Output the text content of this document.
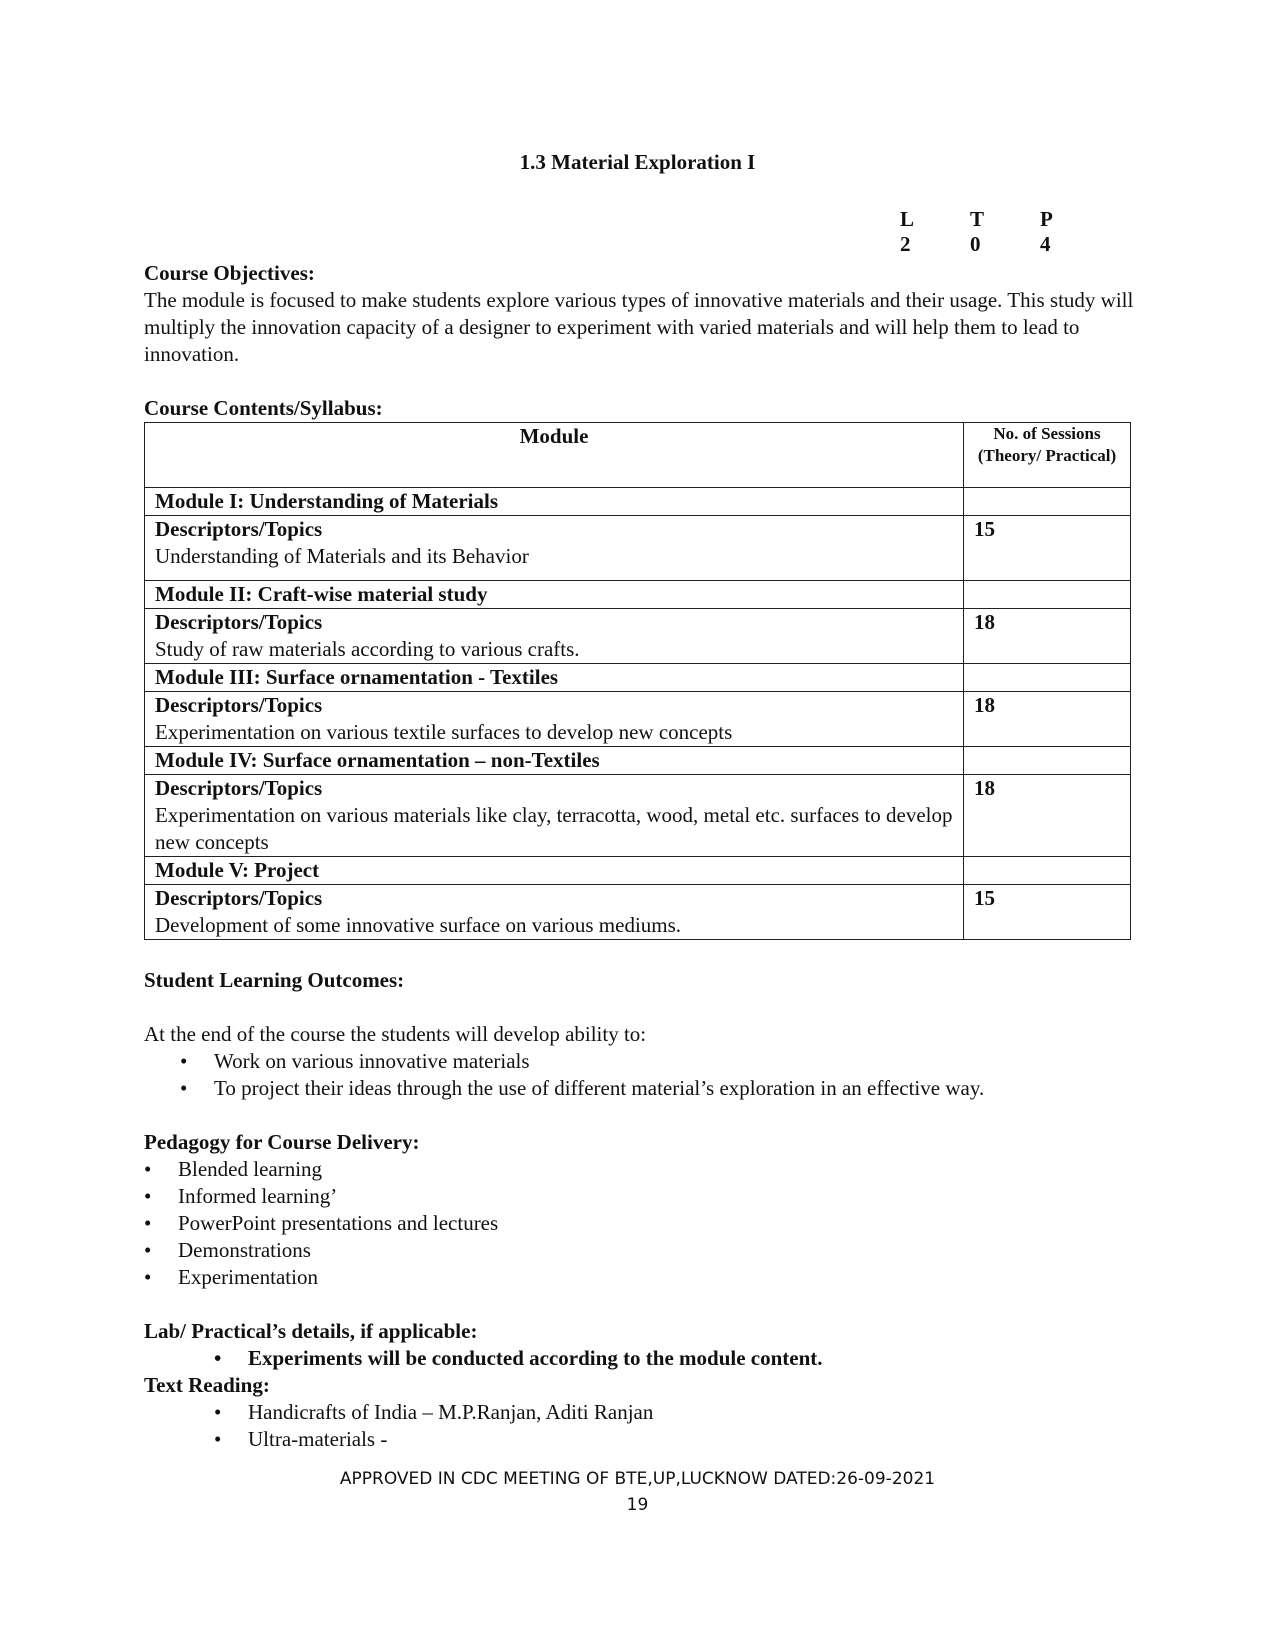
1.3 Material Exploration I
L	T	P
2	0	4

Course Objectives:

The module is focused to make students explore various types of innovative materials and their usage. This study will multiply the innovation capacity of a designer to experiment with varied materials and will help them to lead to innovation.

Course Contents/Syllabus:

Module	No. of Sessions (Theory/ Practical)
Module I: Understanding of Materials	

Descriptors/Topics
Understanding of Materials and its Behavior	15
Module II: Craft-wise material study	

Descriptors/Topics
Study of raw materials according to various crafts.	18
Module III: Surface ornamentation - Textiles	

Descriptors/Topics
Experimentation on various textile surfaces to develop new concepts	18
Module IV: Surface ornamentation – non-Textiles	

Descriptors/Topics
Experimentation on various materials like clay, terracotta, wood, metal etc. surfaces to develop new concepts	18
Module V: Project	

Descriptors/Topics
Development of some innovative surface on various mediums.	15

Student Learning Outcomes:

At the end of the course the students will develop ability to:

• Work on various innovative materials
• To project their ideas through the use of different material’s exploration in an effective way.

Pedagogy for Course Delivery:

• Blended learning
• Informed learning’
• PowerPoint presentations and lectures
• Demonstrations
• Experimentation

Lab/ Practical’s details, if applicable:

• Experiments will be conducted according to the module content.

Text Reading:

• Handicrafts of India – M.P.Ranjan, Aditi Ranjan
• Ultra-materials -
APPROVED IN CDC MEETING OF BTE,UP,LUCKNOW DATED:26-09-2021
19
